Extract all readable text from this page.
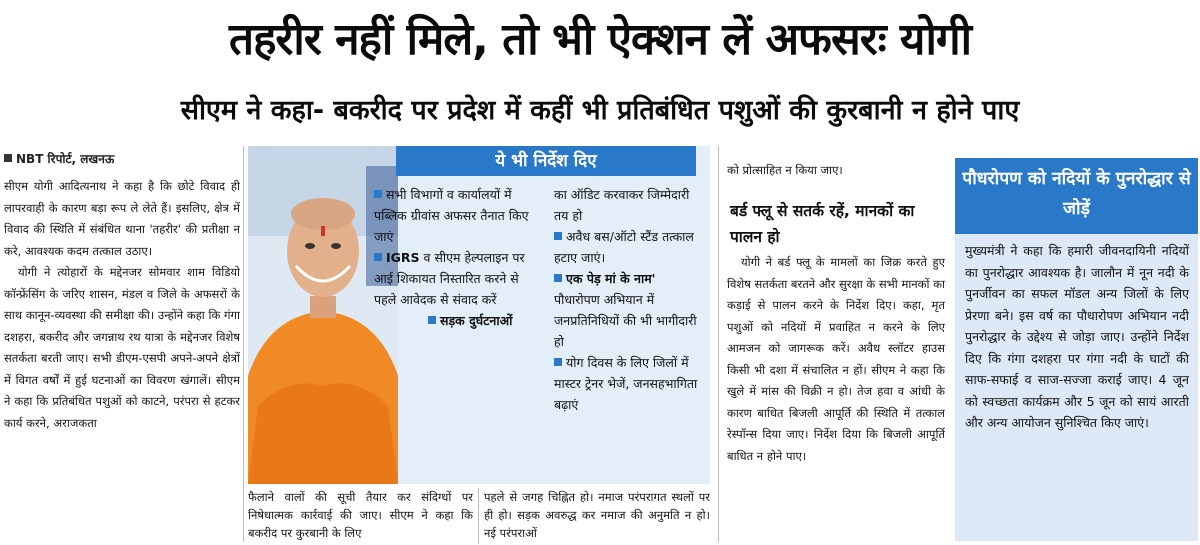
तहरीर नहीं मिले, तो भी ऐक्शन लें अफसरः योगी
सीएम ने कहा- बकरीद पर प्रदेश में कहीं भी प्रतिबंधित पशुओं की कुरबानी न होने पाए
NBT रिपोर्ट, लखनऊ

सीएम योगी आदित्यनाथ ने कहा है कि छोटे विवाद ही लापरवाही के कारण बड़ा रूप ले लेते हैं। इसलिए, क्षेत्र में विवाद की स्थिति में संबंधित थाना 'तहरीर' की प्रतीक्षा न करे, आवश्यक कदम तत्काल उठाए।

योगी ने त्योहारों के मद्देनजर सोमवार शाम विडियो कॉन्फ्रेंसिंग के जरिए शासन, मंडल व जिले के अफसरों के साथ कानून-व्यवस्था की समीक्षा की। उन्होंने कहा कि गंगा दशहरा, बकरीद और जगन्नाथ रथ यात्रा के मद्देनजर विशेष सतर्कता बरती जाए। सभी डीएम-एसपी अपने-अपने क्षेत्रों में विगत वर्षों में हुई घटनाओं का विवरण खंगालें। सीएम ने कहा कि प्रतिबंधित पशुओं को काटने, परंपरा से हटकर कार्य करने, अराजकता

ये भी निर्देश दिए

सभी विभागों व कार्यालयों में पब्लिक ग्रीवांस अफसर तैनात किए जाएं

IGRS व सीएम हेल्पलाइन पर आई शिकायत निस्तारित करने से पहले आवेदक से संवाद करें

सड़क दुर्घटनाओं

का ऑडिट करवाकर जिम्मेदारी तय हो

अवैध बस/ऑटो स्टैंड तत्काल हटाए जाएं।

एक पेड़ मां के नाम' पौधारोपण अभियान में जनप्रतिनिधियों की भी भागीदारी हो

योग दिवस के लिए जिलों में मास्टर ट्रेनर भेजें, जनसहभागिता बढ़ाएं

फैलाने वालों की सूची तैयार कर संदिग्धों पर निषेधात्मक कार्रवाई की जाए। सीएम ने कहा कि बकरीद पर कुरबानी के लिए

पहले से जगह चिह्नित हो। नमाज परंपरागत स्थलों पर ही हो। सड़क अवरुद्ध कर नमाज की अनुमति न हो। नई परंपराओं

को प्रोत्साहित न किया जाए।

बर्ड फ्लू से सतर्क रहें, मानकों का पालन हो

योगी ने बर्ड फ्लू के मामलों का जिक्र करते हुए विशेष सतर्कता बरतने और सुरक्षा के सभी मानकों का कड़ाई से पालन करने के निर्देश दिए। कहा, मृत पशुओं को नदियों में प्रवाहित न करने के लिए आमजन को जागरूक करें। अवैध स्लॉटर हाउस किसी भी दशा में संचालित न हों। सीएम ने कहा कि खुले में मांस की विक्री न हो। तेज हवा व आंधी के कारण बाधित बिजली आपूर्ति की स्थिति में तत्काल रेस्पॉन्स दिया जाए। निर्देश दिया कि बिजली आपूर्ति बाधित न होने पाए।

पौधरोपण को नदियों के पुनरोद्धार से जोड़ें
मुख्यमंत्री ने कहा कि हमारी जीवनदायिनी नदियों का पुनरोद्धार आवश्यक है। जालौन में नून नदी के पुनर्जीवन का सफल मॉडल अन्य जिलों के लिए प्रेरणा बने। इस वर्ष का पौधारोपण अभियान नदी पुनरोद्धार के उद्देश्य से जोड़ा जाए। उन्होंने निर्देश दिए कि गंगा दशहरा पर गंगा नदी के घाटों की साफ-सफाई व साज-सज्जा कराई जाए। 4 जून को स्वच्छता कार्यक्रम और 5 जून को सायं आरती और अन्य आयोजन सुनिश्चित किए जाएं।
